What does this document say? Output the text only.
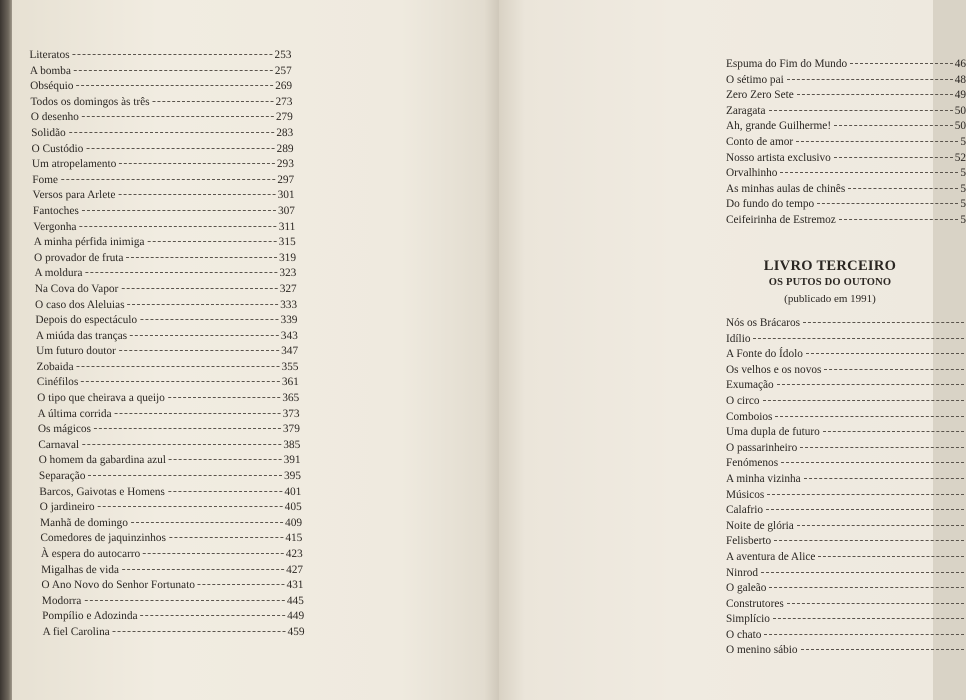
Literatos	253
A bomba	257
Obséquio	269
Todos os domingos às três	273
O desenho	279
Solidão	283
O Custódio	289
Um atropelamento	293
Fome	297
Versos para Arlete	301
Fantoches	307
Vergonha	311
A minha pérfida inimiga	315
O provador de fruta	319
A moldura	323
Na Cova do Vapor	327
O caso dos Aleluias	333
Depois do espectáculo	339
A miúda das tranças	343
Um futuro doutor	347
Zobaida	355
Cinéfilos	361
O tipo que cheirava a queijo	365
A última corrida	373
Os mágicos	379
Carnaval	385
O homem da gabardina azul	391
Separação	395
Barcos, Gaivotas e Homens	401
O jardineiro	405
Manhã de domingo	409
Comedores de jaquinzinhos	415
À espera do autocarro	423
Migalhas de vida	427
O Ano Novo do Senhor Fortunato	431
Modorra	445
Pompílio e Adozinda	449
A fiel Carolina	459
Espuma do Fim do Mundo	46
O sétimo pai	48
Zero Zero Sete	49
Zaragata	50
Ah, grande Guilherme!	50
Conto de amor	5
Nosso artista exclusivo	52
Orvalhinho	5
As minhas aulas de chinês	5
Do fundo do tempo	5
Ceifeirinha de Estremoz	5
LIVRO TERCEIRO
OS PUTOS DO OUTONO
(publicado em 1991)
Nós os Brácaros
Idílio
A Fonte do Ídolo
Os velhos e os novos
Exumação
O circo
Comboios
Uma dupla de futuro
O passarinheiro
Fenómenos
A minha vizinha
Músicos
Calafrio
Noite de glória
Felisberto
A aventura de Alice
Ninrod
O galeão
Construtores
Simplício
O chato
O menino sábio
